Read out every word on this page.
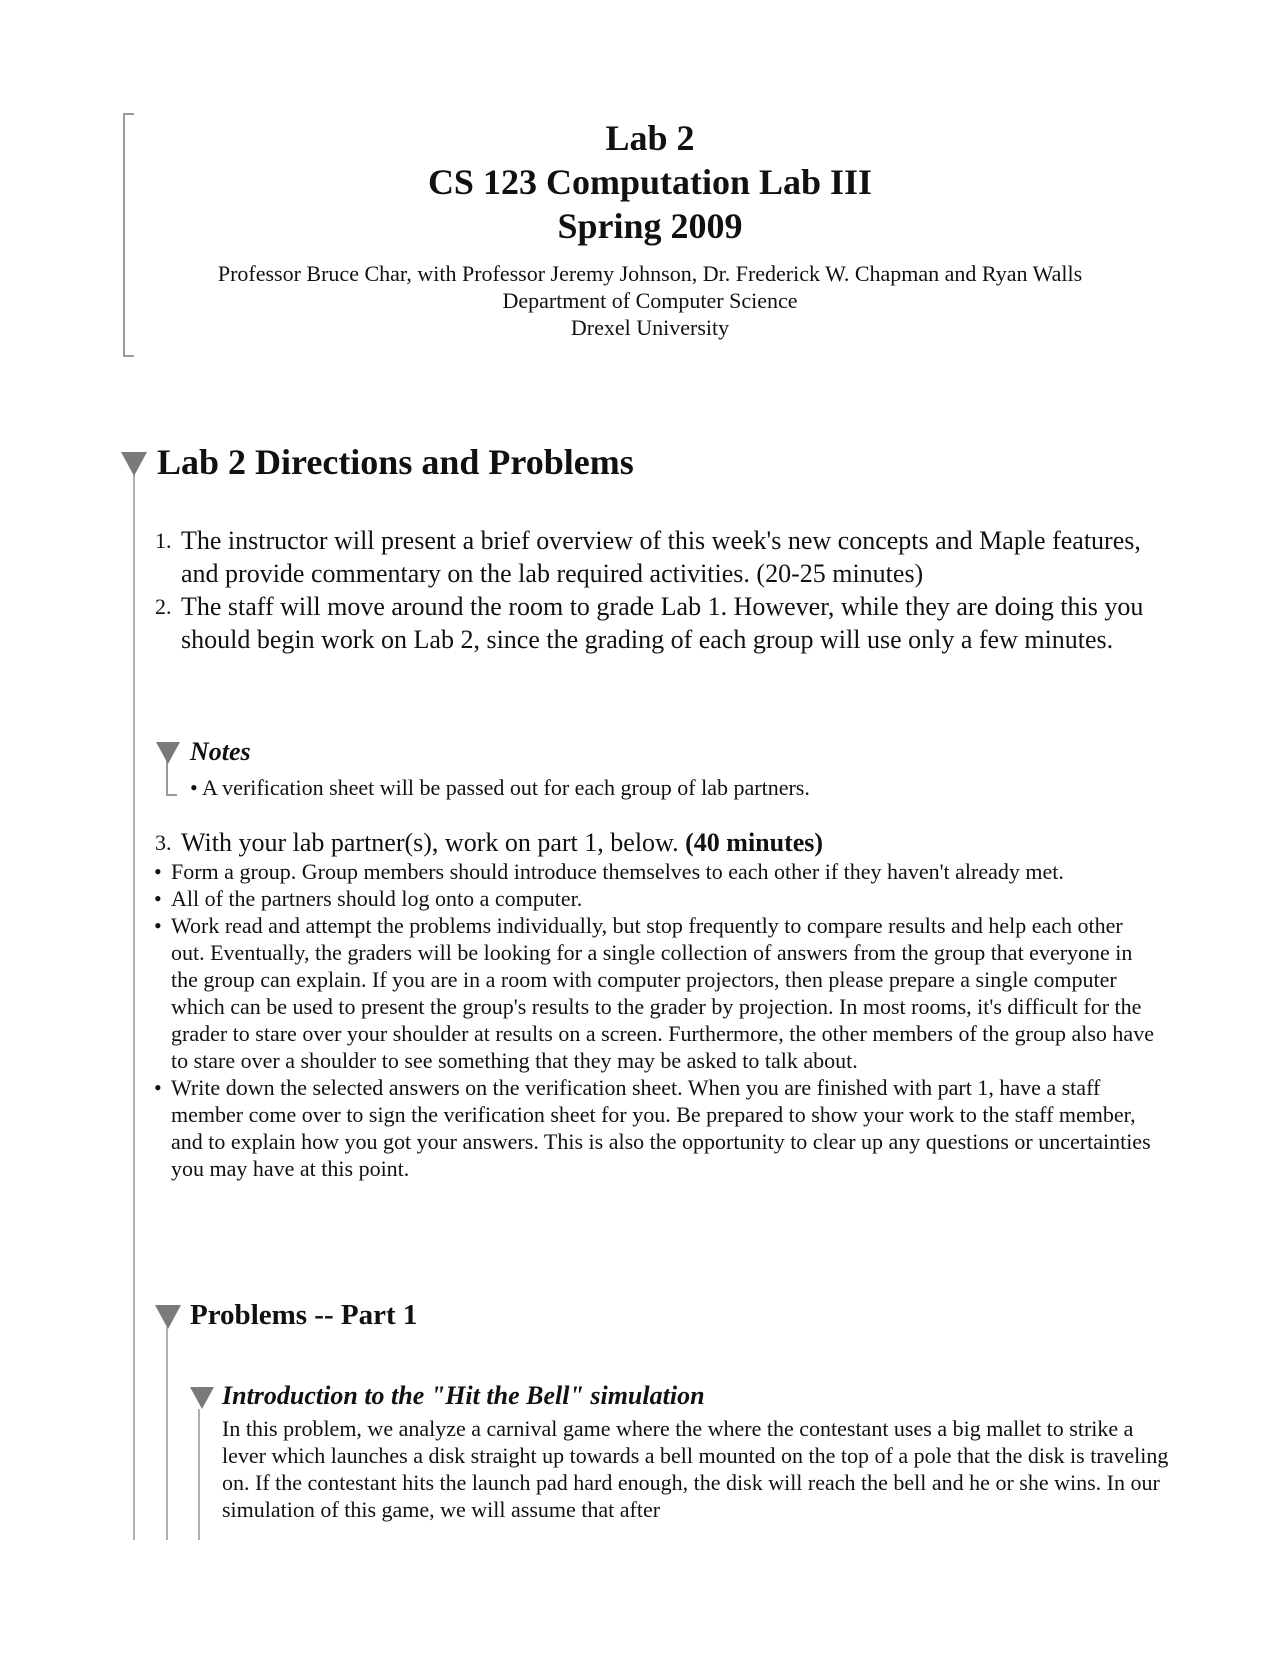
Lab 2
CS 123 Computation Lab III
Spring 2009
Professor Bruce Char, with Professor Jeremy Johnson, Dr. Frederick W. Chapman and Ryan Walls
Department of Computer Science
Drexel University
Lab 2 Directions and Problems
1. The instructor will present a brief overview of this week's new concepts and Maple features, and provide commentary on the lab required activities. (20-25 minutes)
2. The staff will move around the room to grade Lab 1. However, while they are doing this you should begin work on Lab 2, since the grading of each group will use only a few minutes.
Notes
• A verification sheet will be passed out for each group of lab partners.
3. With your lab partner(s), work on part 1, below. (40 minutes)
• Form a group. Group members should introduce themselves to each other if they haven't already met.
• All of the partners should log onto a computer.
• Work read and attempt the problems individually, but stop frequently to compare results and help each other out. Eventually, the graders will be looking for a single collection of answers from the group that everyone in the group can explain. If you are in a room with computer projectors, then please prepare a single computer which can be used to present the group's results to the grader by projection. In most rooms, it's difficult for the grader to stare over your shoulder at results on a screen. Furthermore, the other members of the group also have to stare over a shoulder to see something that they may be asked to talk about.
• Write down the selected answers on the verification sheet. When you are finished with part 1, have a staff member come over to sign the verification sheet for you. Be prepared to show your work to the staff member, and to explain how you got your answers. This is also the opportunity to clear up any questions or uncertainties you may have at this point.
Problems -- Part 1
Introduction to the "Hit the Bell" simulation
In this problem, we analyze a carnival game where the where the contestant uses a big mallet to strike a lever which launches a disk straight up towards a bell mounted on the top of a pole that the disk is traveling on. If the contestant hits the launch pad hard enough, the disk will reach the bell and he or she wins. In our simulation of this game, we will assume that after
